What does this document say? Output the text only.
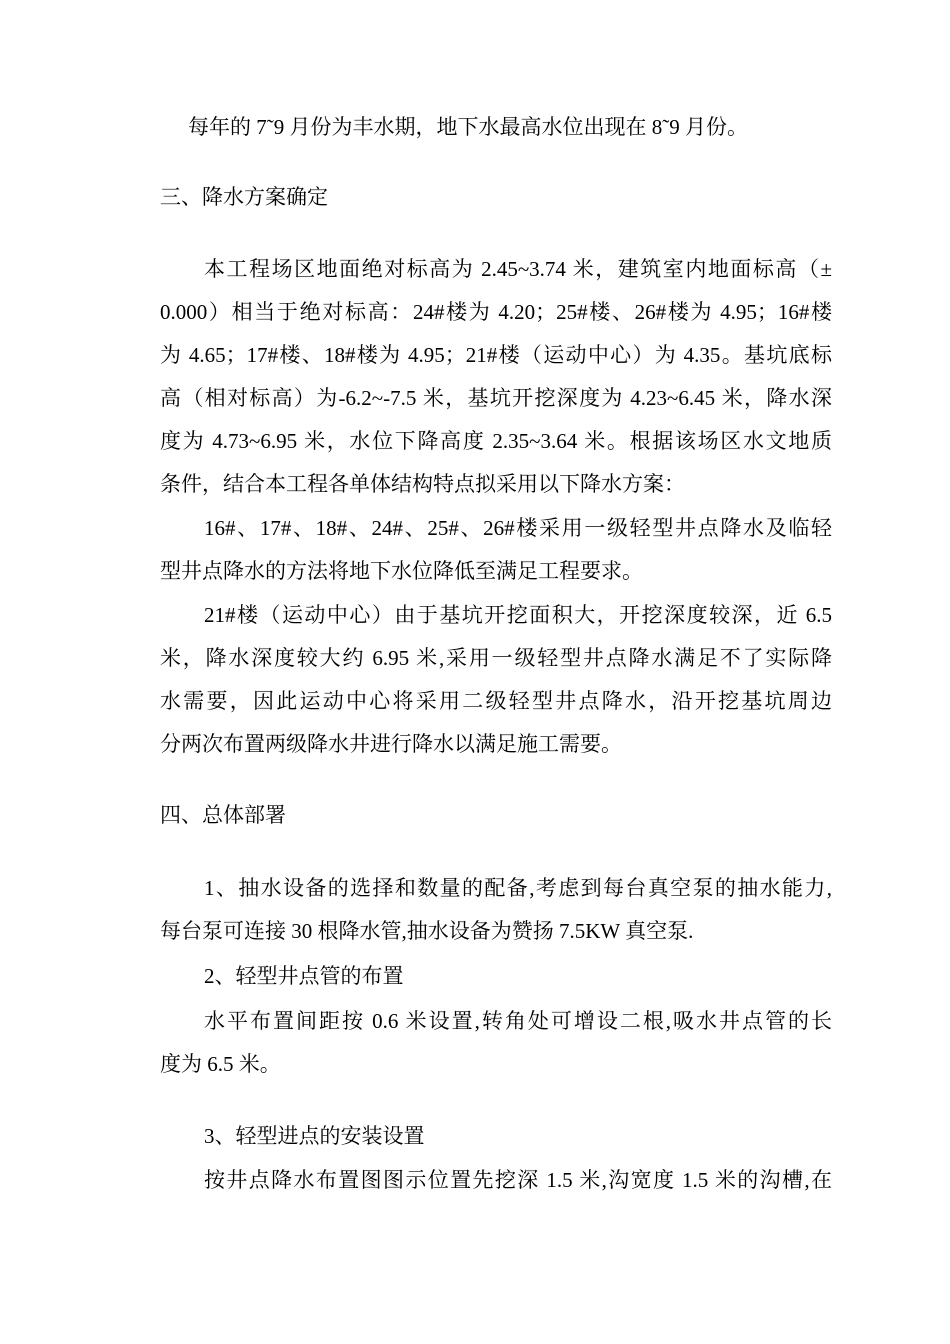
每年的 7˜9 月份为丰水期，地下水最高水位出现在 8˜9 月份。
三、降水方案确定
本工程场区地面绝对标高为 2.45~3.74 米，建筑室内地面标高（±
0.000）相当于绝对标高：24#楼为 4.20；25#楼、26#楼为 4.95；16#楼
为 4.65；17#楼、18#楼为 4.95；21#楼（运动中心）为 4.35。基坑底标
高（相对标高）为-6.2~-7.5 米，基坑开挖深度为 4.23~6.45 米，降水深
度为 4.73~6.95 米，水位下降高度 2.35~3.64 米。根据该场区水文地质
条件，结合本工程各单体结构特点拟采用以下降水方案：
16#、17#、18#、24#、25#、26#楼采用一级轻型井点降水及临轻
型井点降水的方法将地下水位降低至满足工程要求。
21#楼（运动中心）由于基坑开挖面积大，开挖深度较深，近 6.5
米，降水深度较大约 6.95 米,采用一级轻型井点降水满足不了实际降
水需要，因此运动中心将采用二级轻型井点降水，沿开挖基坑周边
分两次布置两级降水井进行降水以满足施工需要。
四、总体部署
1、抽水设备的选择和数量的配备,考虑到每台真空泵的抽水能力,
每台泵可连接 30 根降水管,抽水设备为赞扬 7.5KW 真空泵.
2、轻型井点管的布置
水平布置间距按 0.6 米设置,转角处可增设二根,吸水井点管的长
度为 6.5 米。
3、轻型进点的安装设置
按井点降水布置图图示位置先挖深 1.5 米,沟宽度 1.5 米的沟槽,在
